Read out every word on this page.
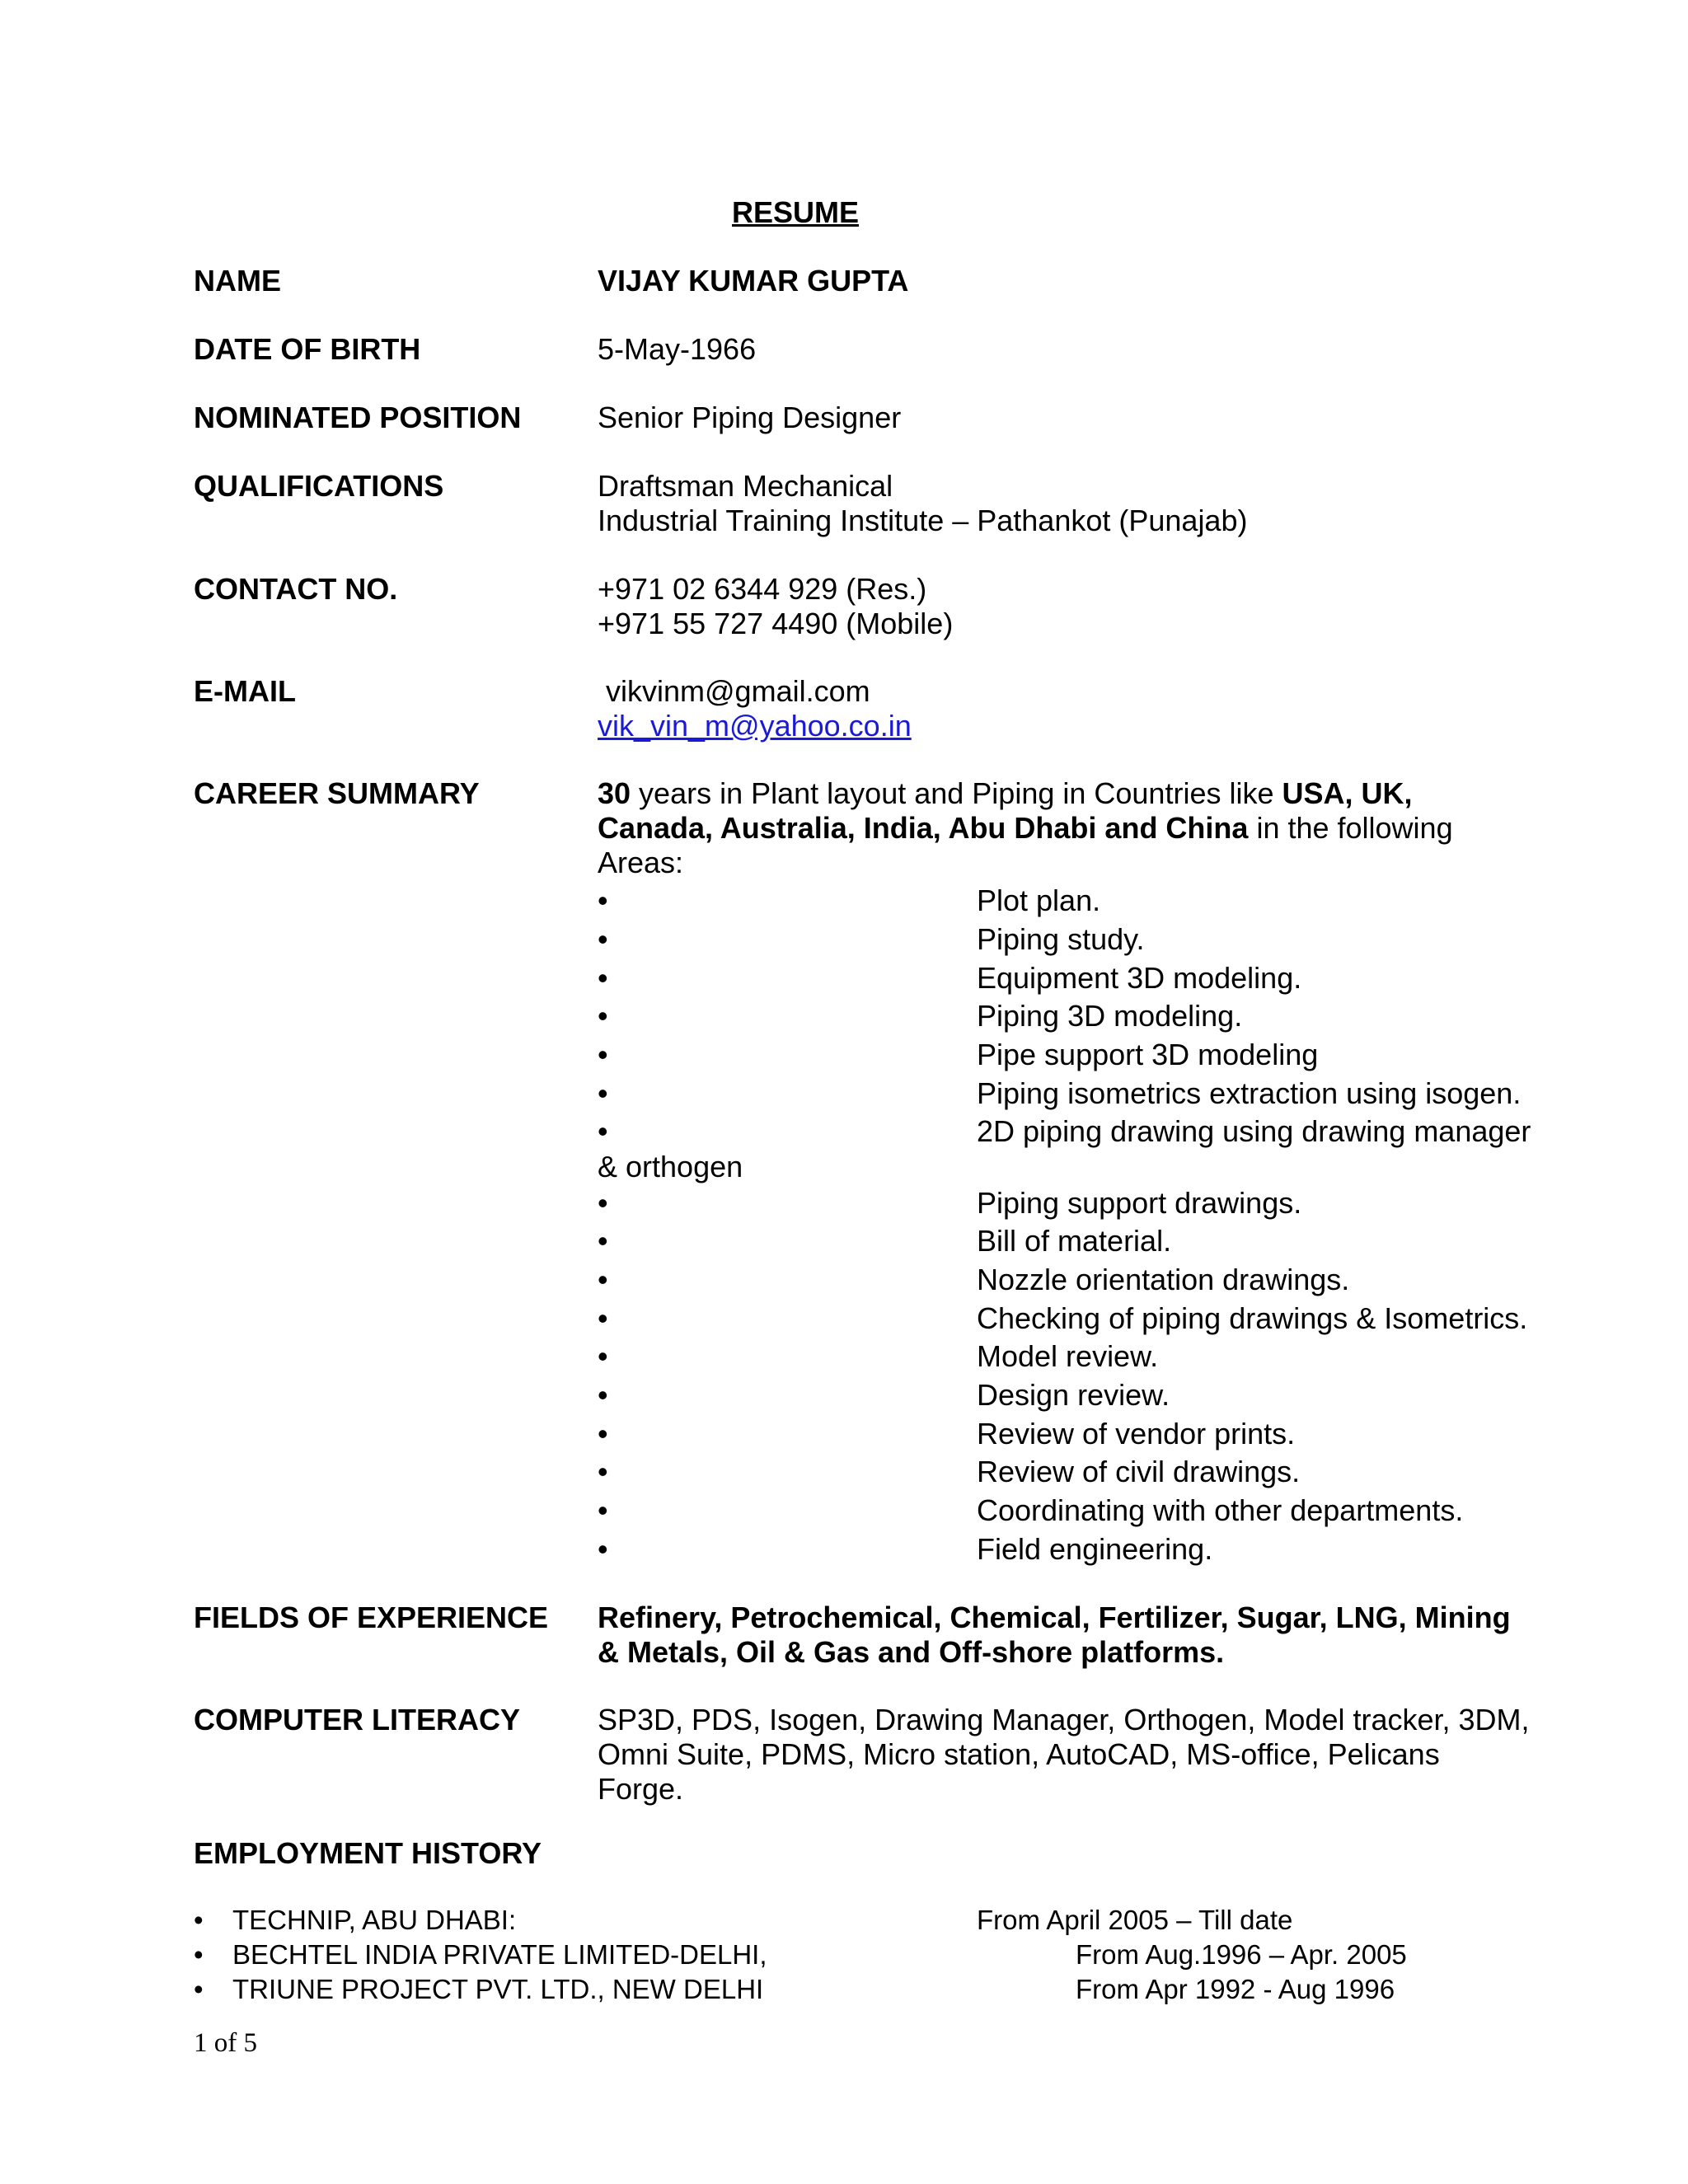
RESUME
NAME	VIJAY KUMAR GUPTA
DATE OF BIRTH	5-May-1966
NOMINATED POSITION	Senior Piping Designer
QUALIFICATIONS	Draftsman Mechanical
Industrial Training Institute – Pathankot (Punajab)
CONTACT NO.	+971 02 6344 929 (Res.)
+971 55 727 4490 (Mobile)
E-MAIL	vikvinm@gmail.com
vik_vin_m@yahoo.co.in
CAREER SUMMARY	30 years in Plant layout and Piping in Countries like USA, UK,
Canada, Australia, India, Abu Dhabi and China in the following
Areas:
•	Plot plan.
•	Piping study.
•	Equipment 3D modeling.
•	Piping 3D modeling.
•	Pipe support 3D modeling
•	Piping isometrics extraction using isogen.
•	2D piping drawing using drawing manager
& orthogen
•	Piping support drawings.
•	Bill of material.
•	Nozzle orientation drawings.
•	Checking of piping drawings & Isometrics.
•	Model review.
•	Design review.
•	Review of vendor prints.
•	Review of civil drawings.
•	Coordinating with other departments.
•	Field engineering.
FIELDS OF EXPERIENCE Refinery, Petrochemical, Chemical, Fertilizer, Sugar, LNG, Mining
& Metals, Oil & Gas and Off-shore platforms.
COMPUTER LITERACY	SP3D, PDS, Isogen, Drawing Manager, Orthogen, Model tracker, 3DM,
Omni Suite, PDMS, Micro station, AutoCAD, MS-office, Pelicans
Forge.
EMPLOYMENT HISTORY
• TECHNIP, ABU DHABI:	From April 2005 – Till date
• BECHTEL INDIA PRIVATE LIMITED-DELHI,	From Aug.1996 – Apr. 2005
• TRIUNE PROJECT PVT. LTD., NEW DELHI	From Apr 1992 - Aug 1996
1 of 5
